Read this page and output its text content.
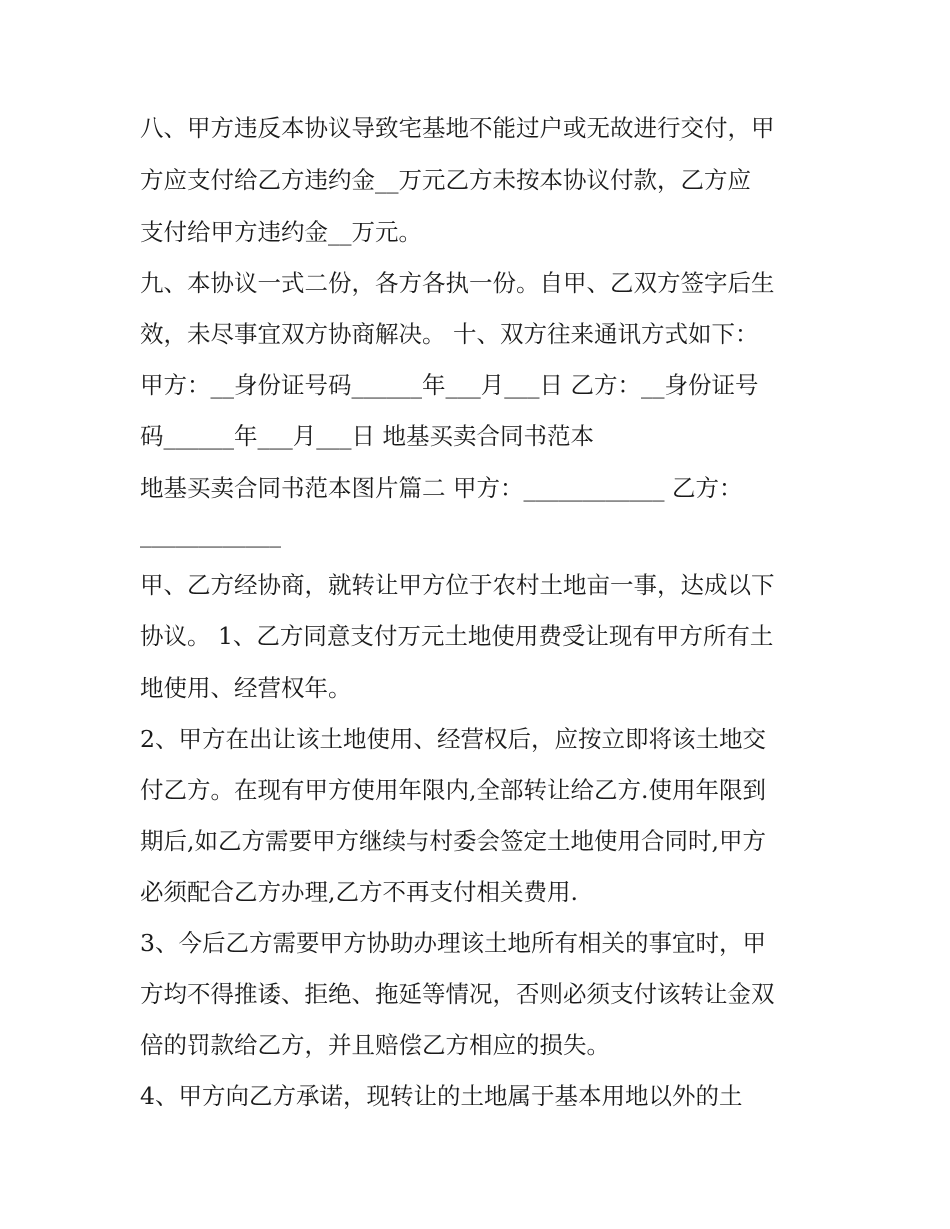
八、甲方违反本协议导致宅基地不能过户或无故进行交付，甲
方应支付给乙方违约金__万元乙方未按本协议付款，乙方应
支付给甲方违约金__万元。
九、本协议一式二份，各方各执一份。自甲、乙双方签字后生
效，未尽事宜双方协商解决。 十、双方往来通讯方式如下：
甲方：__身份证号码______年___月___日 乙方：__身份证号
码______年___月___日 地基买卖合同书范本
地基买卖合同书范本图片篇二 甲方：____________ 乙方：
____________
甲、乙方经协商，就转让甲方位于农村土地亩一事，达成以下
协议。 1、乙方同意支付万元土地使用费受让现有甲方所有土
地使用、经营权年。
2、甲方在出让该土地使用、经营权后，应按立即将该土地交
付乙方。在现有甲方使用年限内,全部转让给乙方.使用年限到
期后,如乙方需要甲方继续与村委会签定土地使用合同时,甲方
必须配合乙方办理,乙方不再支付相关费用.
3、今后乙方需要甲方协助办理该土地所有相关的事宜时，甲
方均不得推诿、拒绝、拖延等情况，否则必须支付该转让金双
倍的罚款给乙方，并且赔偿乙方相应的损失。
4、甲方向乙方承诺，现转让的土地属于基本用地以外的土
